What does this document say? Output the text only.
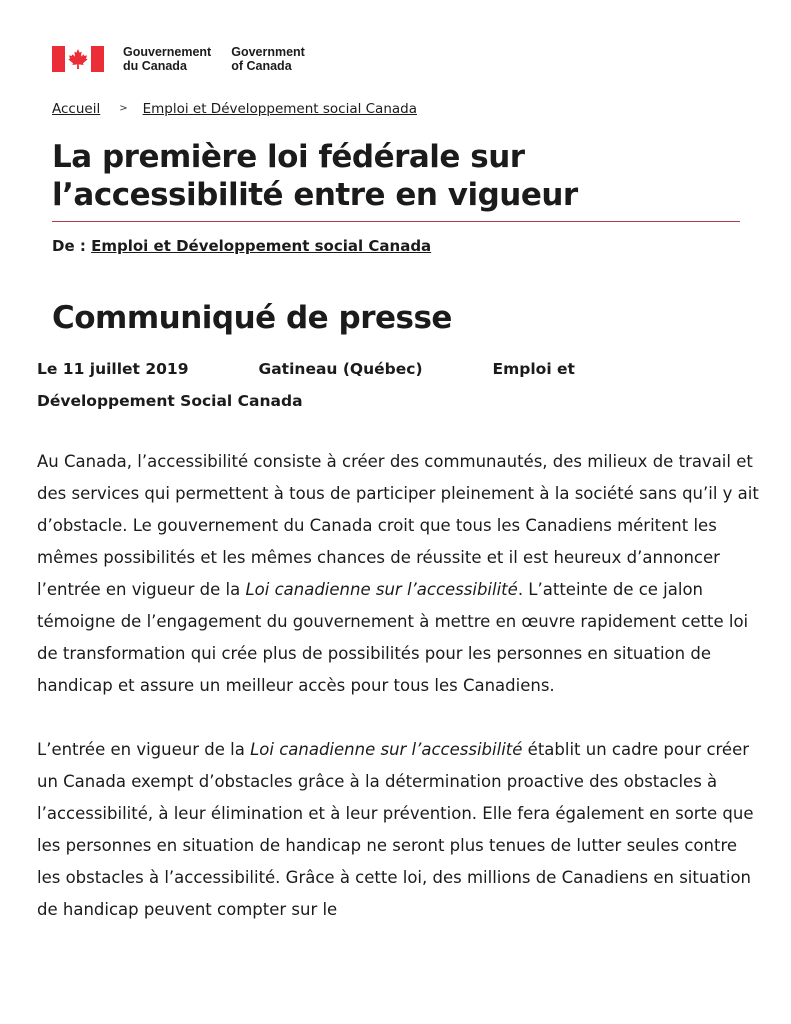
Gouvernement
du Canada
Government
of Canada
Accueil > Emploi et Développement social Canada
La première loi fédérale sur l’accessibilité entre en vigueur
De : Emploi et Développement social Canada
Communiqué de presse
Le 11 juillet 2019	Gatineau (Québec)	Emploi et Développement Social Canada

Au Canada, l’accessibilité consiste à créer des communautés, des milieux de travail et des services qui permettent à tous de participer pleinement à la société sans qu’il y ait d’obstacle. Le gouvernement du Canada croit que tous les Canadiens méritent les mêmes possibilités et les mêmes chances de réussite et il est heureux d’annoncer l’entrée en vigueur de la Loi canadienne sur l’accessibilité. L’atteinte de ce jalon témoigne de l’engagement du gouvernement à mettre en œuvre rapidement cette loi de transformation qui crée plus de possibilités pour les personnes en situation de handicap et assure un meilleur accès pour tous les Canadiens.

L’entrée en vigueur de la Loi canadienne sur l’accessibilité établit un cadre pour créer un Canada exempt d’obstacles grâce à la détermination proactive des obstacles à l’accessibilité, à leur élimination et à leur prévention. Elle fera également en sorte que les personnes en situation de handicap ne seront plus tenues de lutter seules contre les obstacles à l’accessibilité. Grâce à cette loi, des millions de Canadiens en situation de handicap peuvent compter sur le
